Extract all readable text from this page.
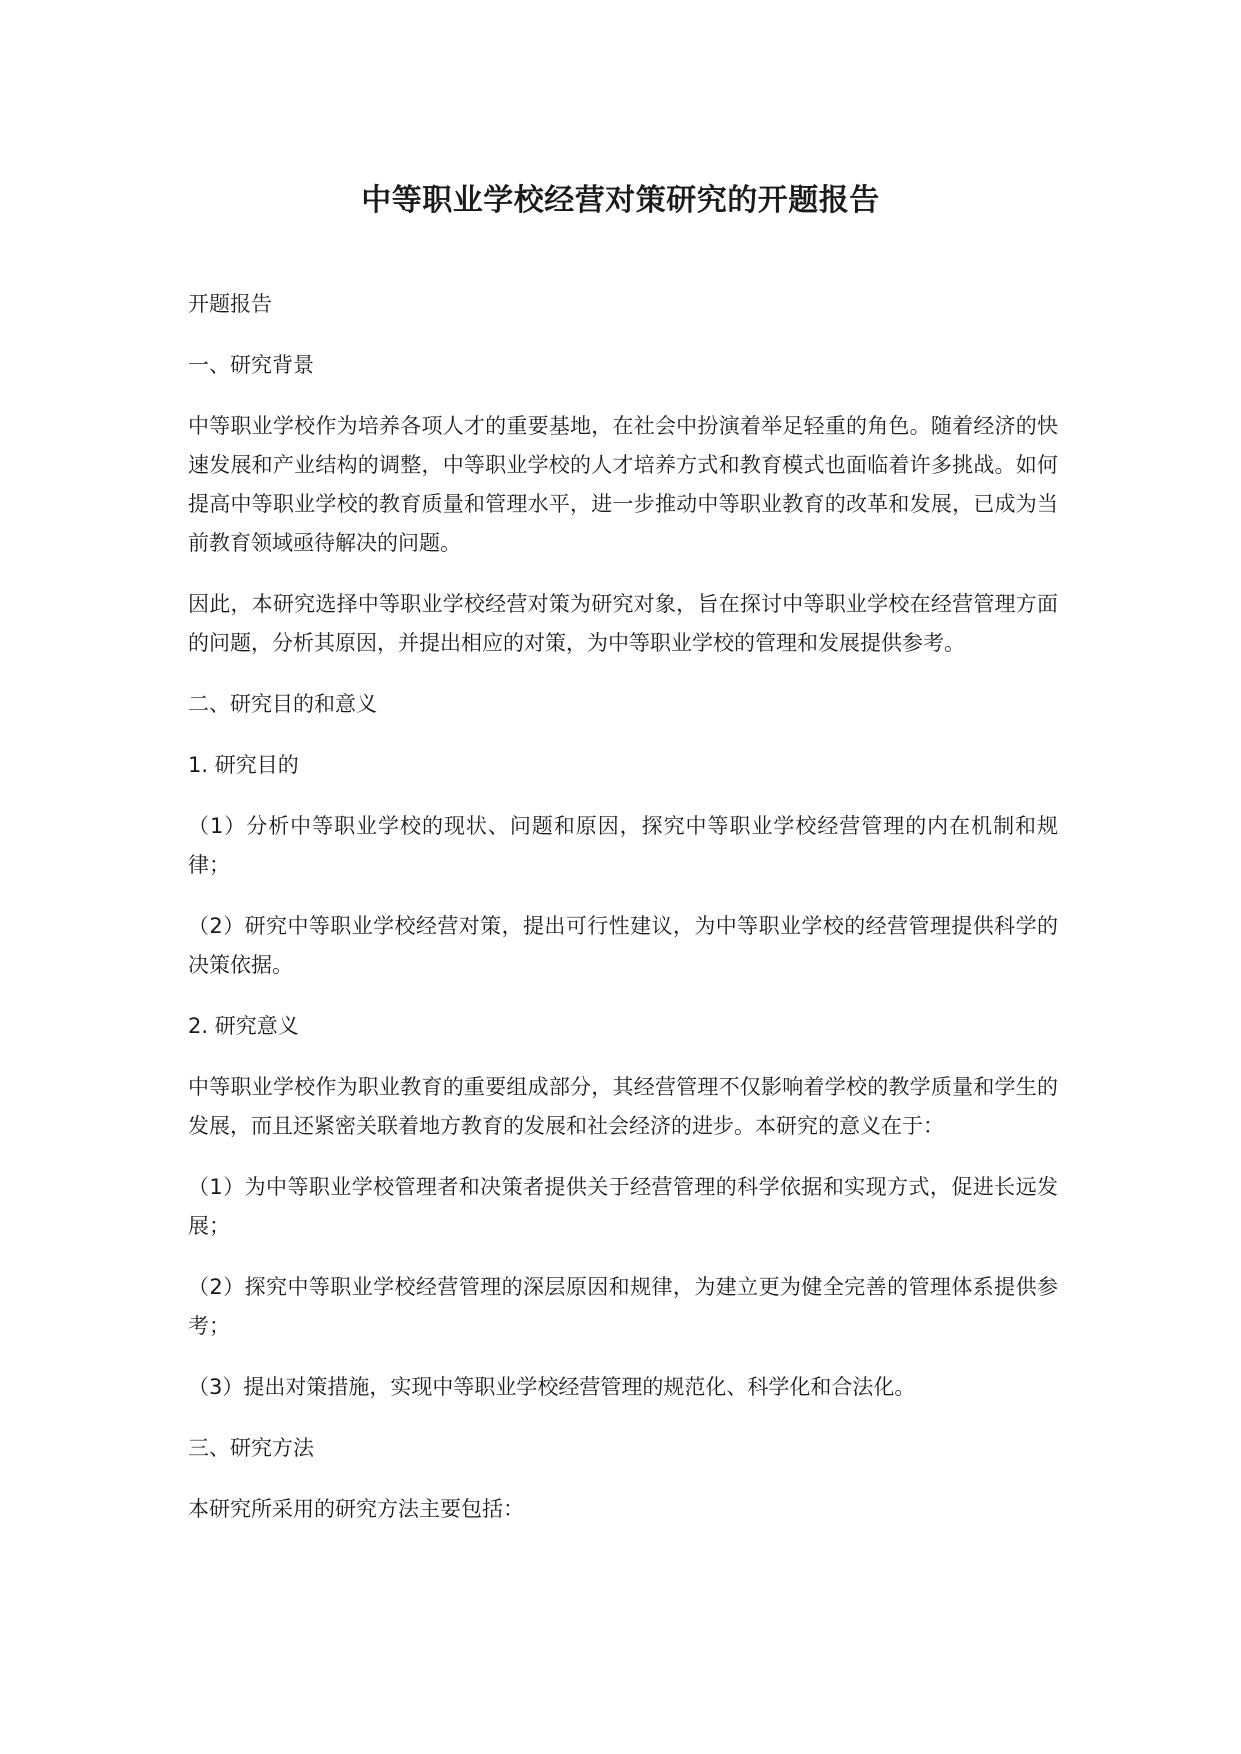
中等职业学校经营对策研究的开题报告

开题报告

一、研究背景

中等职业学校作为培养各项人才的重要基地，在社会中扮演着举足轻重的角色。随着经济的快速发展和产业结构的调整，中等职业学校的人才培养方式和教育模式也面临着许多挑战。如何提高中等职业学校的教育质量和管理水平，进一步推动中等职业教育的改革和发展，已成为当前教育领域亟待解决的问题。

因此，本研究选择中等职业学校经营对策为研究对象，旨在探讨中等职业学校在经营管理方面的问题，分析其原因，并提出相应的对策，为中等职业学校的管理和发展提供参考。

二、研究目的和意义

1. 研究目的

（1）分析中等职业学校的现状、问题和原因，探究中等职业学校经营管理的内在机制和规律；

（2）研究中等职业学校经营对策，提出可行性建议，为中等职业学校的经营管理提供科学的决策依据。

2. 研究意义

中等职业学校作为职业教育的重要组成部分，其经营管理不仅影响着学校的教学质量和学生的发展，而且还紧密关联着地方教育的发展和社会经济的进步。本研究的意义在于：

（1）为中等职业学校管理者和决策者提供关于经营管理的科学依据和实现方式，促进长远发展；

（2）探究中等职业学校经营管理的深层原因和规律，为建立更为健全完善的管理体系提供参考；

（3）提出对策措施，实现中等职业学校经营管理的规范化、科学化和合法化。

三、研究方法

本研究所采用的研究方法主要包括：
